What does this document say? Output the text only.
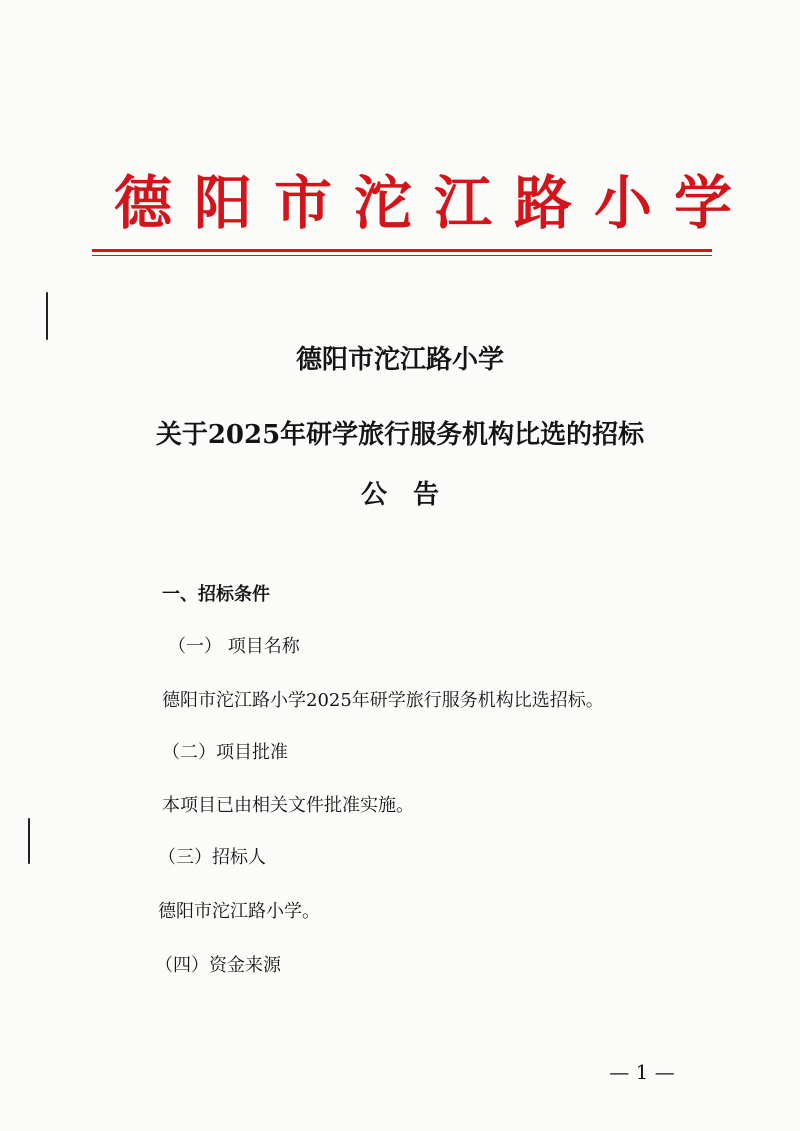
德阳市沱江路小学
德阳市沱江路小学
关于2025年研学旅行服务机构比选的招标
公告
一、招标条件
（一） 项目名称
德阳市沱江路小学2025年研学旅行服务机构比选招标。
（二）项目批准
本项目已由相关文件批准实施。
（三）招标人
德阳市沱江路小学。
（四）资金来源
— 1 —
